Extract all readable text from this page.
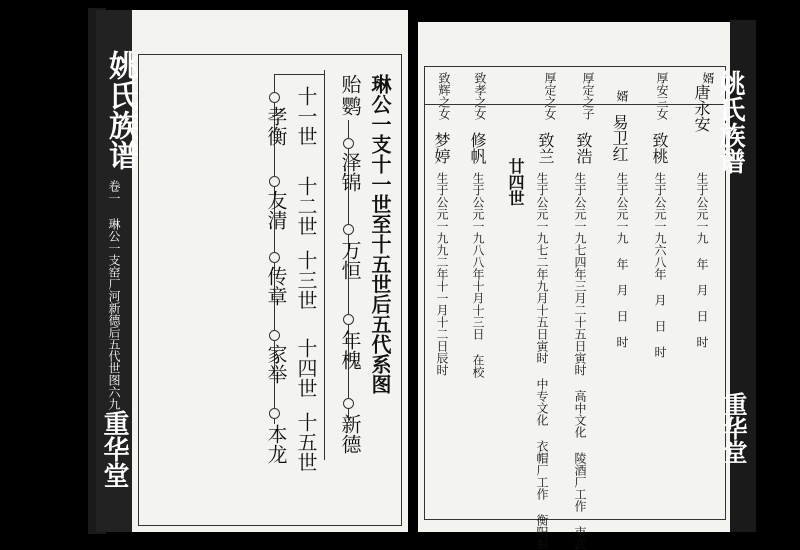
姚氏族谱
卷一 琳公一支窑厂河新德后五代世图六九
重华堂
琳公一支十一世至十五世后五代系图
贻
鹦
泽锦
万恒
年槐
新德
十一世
十二世
十三世
十四世
十五世
孝衡
友清
传章
家举
本龙
婿
唐永安
生于公元一九 年 月 日 时
厚安三女
致桃
生于公元一九六八年 月 日 时
婿
易卫红
生于公元一九 年 月 日 时
厚定之子
致浩
生于公元一九七四年三月二十五日寅时 高中文化 陵酒厂工作 市武
厚定之女
致兰
生于公元一九七二年九月十五日寅时 中专文化 衣帽厂工作 衡阳制
廿四世
致孝之女
修帆
生于公元一九八八年十月十三日 在校
致辉之女
梦婷
生于公元一九九二年十一月十二日辰时
姚氏族谱
重华堂
